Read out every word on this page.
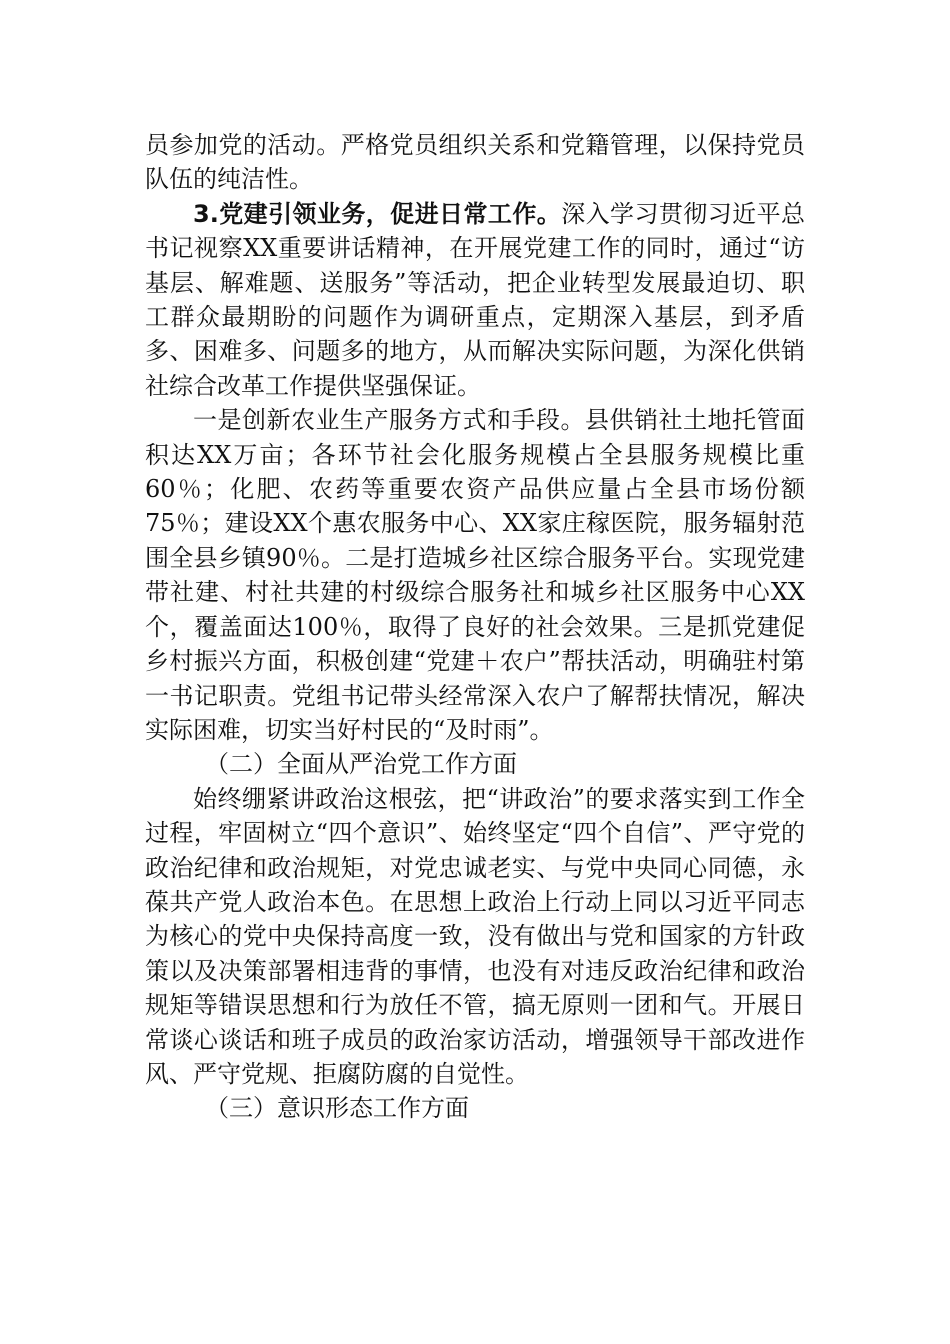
员参加党的活动。严格党员组织关系和党籍管理，以保持党员队伍的纯洁性。

3.党建引领业务，促进日常工作。深入学习贯彻习近平总书记视察XX重要讲话精神，在开展党建工作的同时，通过“访基层、解难题、送服务”等活动，把企业转型发展最迫切、职工群众最期盼的问题作为调研重点，定期深入基层，到矛盾多、困难多、问题多的地方，从而解决实际问题，为深化供销社综合改革工作提供坚强保证。

一是创新农业生产服务方式和手段。县供销社土地托管面积达XX万亩；各环节社会化服务规模占全县服务规模比重60％；化肥、农药等重要农资产品供应量占全县市场份额75％；建设XX个惠农服务中心、XX家庄稼医院，服务辐射范围全县乡镇90％。二是打造城乡社区综合服务平台。实现党建带社建、村社共建的村级综合服务社和城乡社区服务中心XX个，覆盖面达100％，取得了良好的社会效果。三是抓党建促乡村振兴方面，积极创建“党建＋农户”帮扶活动，明确驻村第一书记职责。党组书记带头经常深入农户了解帮扶情况，解决实际困难，切实当好村民的“及时雨”。

（二）全面从严治党工作方面

始终绷紧讲政治这根弦，把“讲政治”的要求落实到工作全过程，牢固树立“四个意识”、始终坚定“四个自信”、严守党的政治纪律和政治规矩，对党忠诚老实、与党中央同心同德，永葆共产党人政治本色。在思想上政治上行动上同以习近平同志为核心的党中央保持高度一致，没有做出与党和国家的方针政策以及决策部署相违背的事情，也没有对违反政治纪律和政治规矩等错误思想和行为放任不管，搞无原则一团和气。开展日常谈心谈话和班子成员的政治家访活动，增强领导干部改进作风、严守党规、拒腐防腐的自觉性。

（三）意识形态工作方面
